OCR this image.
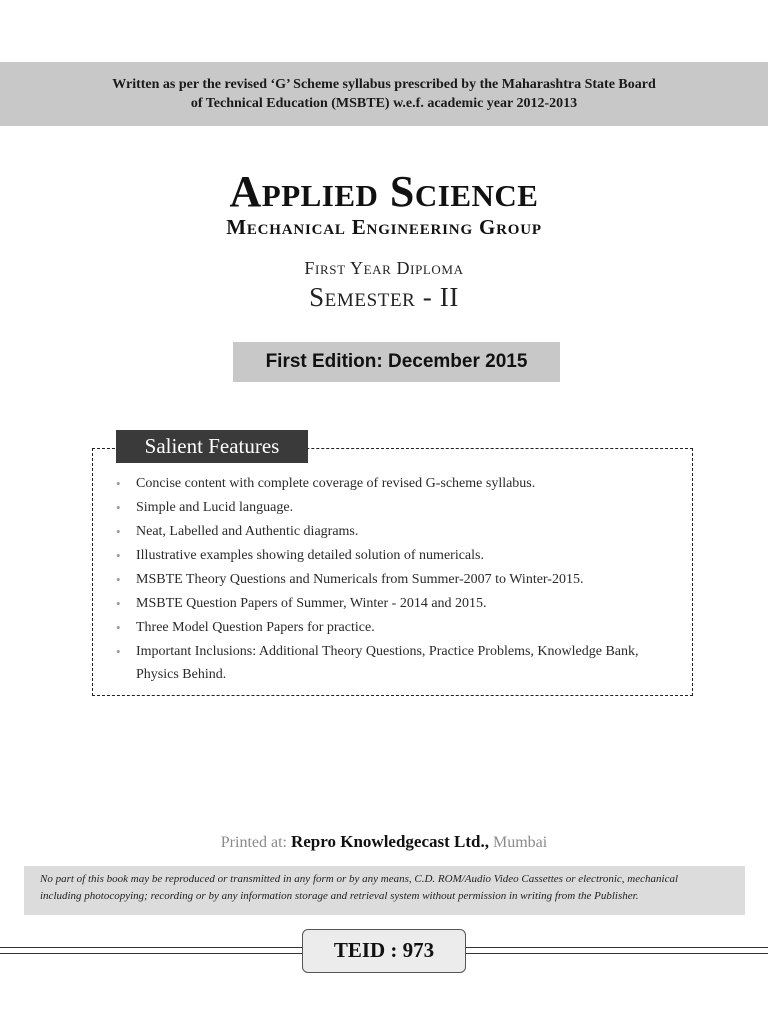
Written as per the revised ‘G’ Scheme syllabus prescribed by the Maharashtra State Board
of Technical Education (MSBTE) w.e.f. academic year 2012-2013
Applied Science
Mechanical Engineering Group
First Year Diploma
Semester - II
First Edition: December 2015
Salient Features
• Concise content with complete coverage of revised G-scheme syllabus.
• Simple and Lucid language.
• Neat, Labelled and Authentic diagrams.
• Illustrative examples showing detailed solution of numericals.
• MSBTE Theory Questions and Numericals from Summer-2007 to Winter-2015.
• MSBTE Question Papers of Summer, Winter - 2014 and 2015.
• Three Model Question Papers for practice.
• Important Inclusions: Additional Theory Questions, Practice Problems, Knowledge Bank, Physics Behind.
Printed at: Repro Knowledgecast Ltd., Mumbai
No part of this book may be reproduced or transmitted in any form or by any means, C.D. ROM/Audio Video Cassettes or electronic, mechanical
including photocopying; recording or by any information storage and retrieval system without permission in writing from the Publisher.
TEID : 973
